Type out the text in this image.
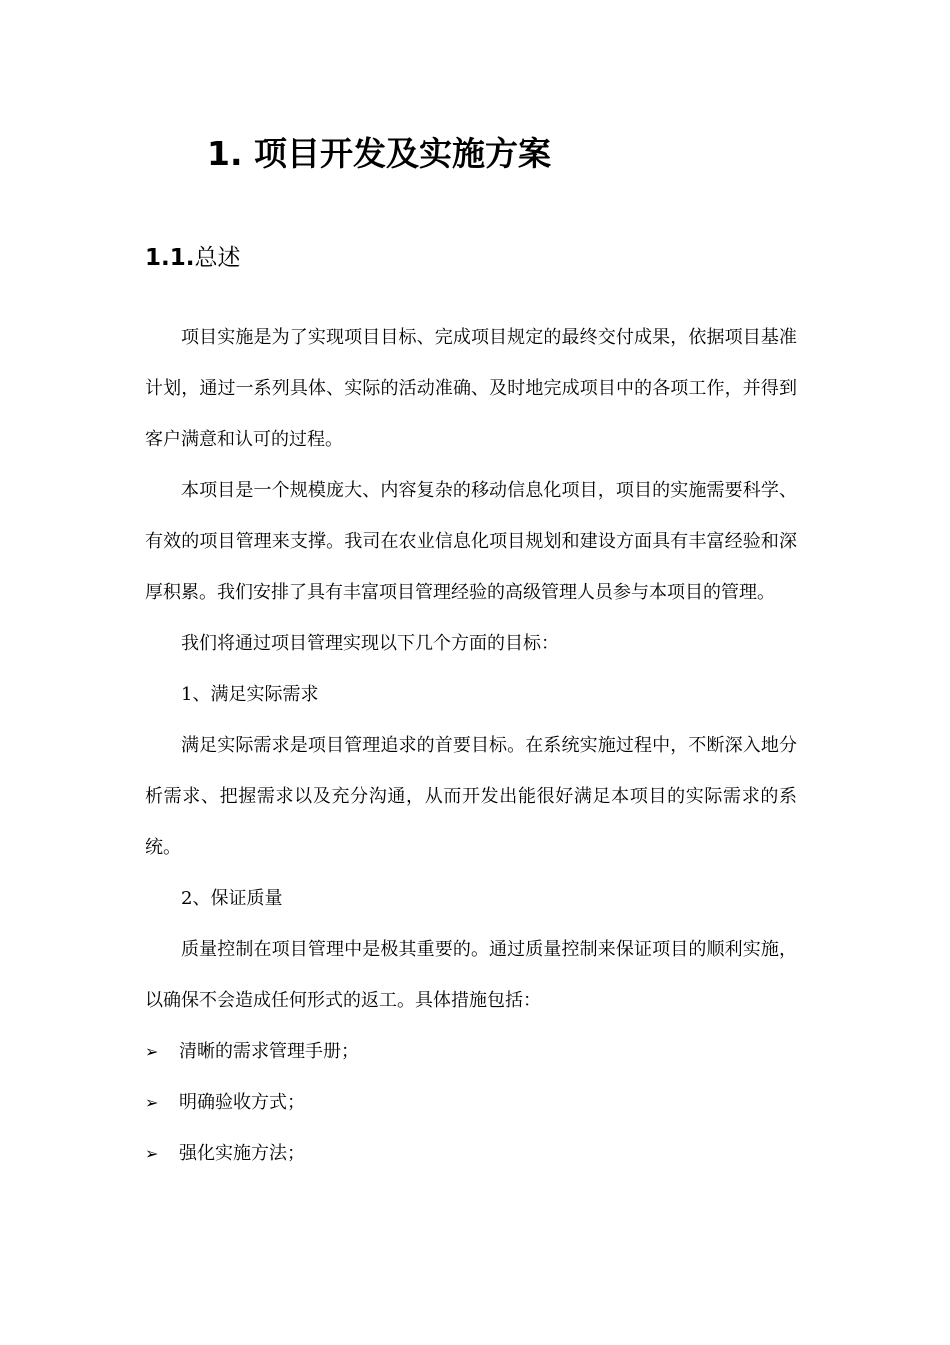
1. 项目开发及实施方案
1.1.总述

项目实施是为了实现项目目标、完成项目规定的最终交付成果，依据项目基准计划，通过一系列具体、实际的活动准确、及时地完成项目中的各项工作，并得到客户满意和认可的过程。

本项目是一个规模庞大、内容复杂的移动信息化项目，项目的实施需要科学、有效的项目管理来支撑。我司在农业信息化项目规划和建设方面具有丰富经验和深厚积累。我们安排了具有丰富项目管理经验的高级管理人员参与本项目的管理。

我们将通过项目管理实现以下几个方面的目标：

1、满足实际需求

满足实际需求是项目管理追求的首要目标。在系统实施过程中，不断深入地分析需求、把握需求以及充分沟通，从而开发出能很好满足本项目的实际需求的系统。

2、保证质量

质量控制在项目管理中是极其重要的。通过质量控制来保证项目的顺利实施，以确保不会造成任何形式的返工。具体措施包括：

➢	清晰的需求管理手册；
➢	明确验收方式；
➢	强化实施方法；
